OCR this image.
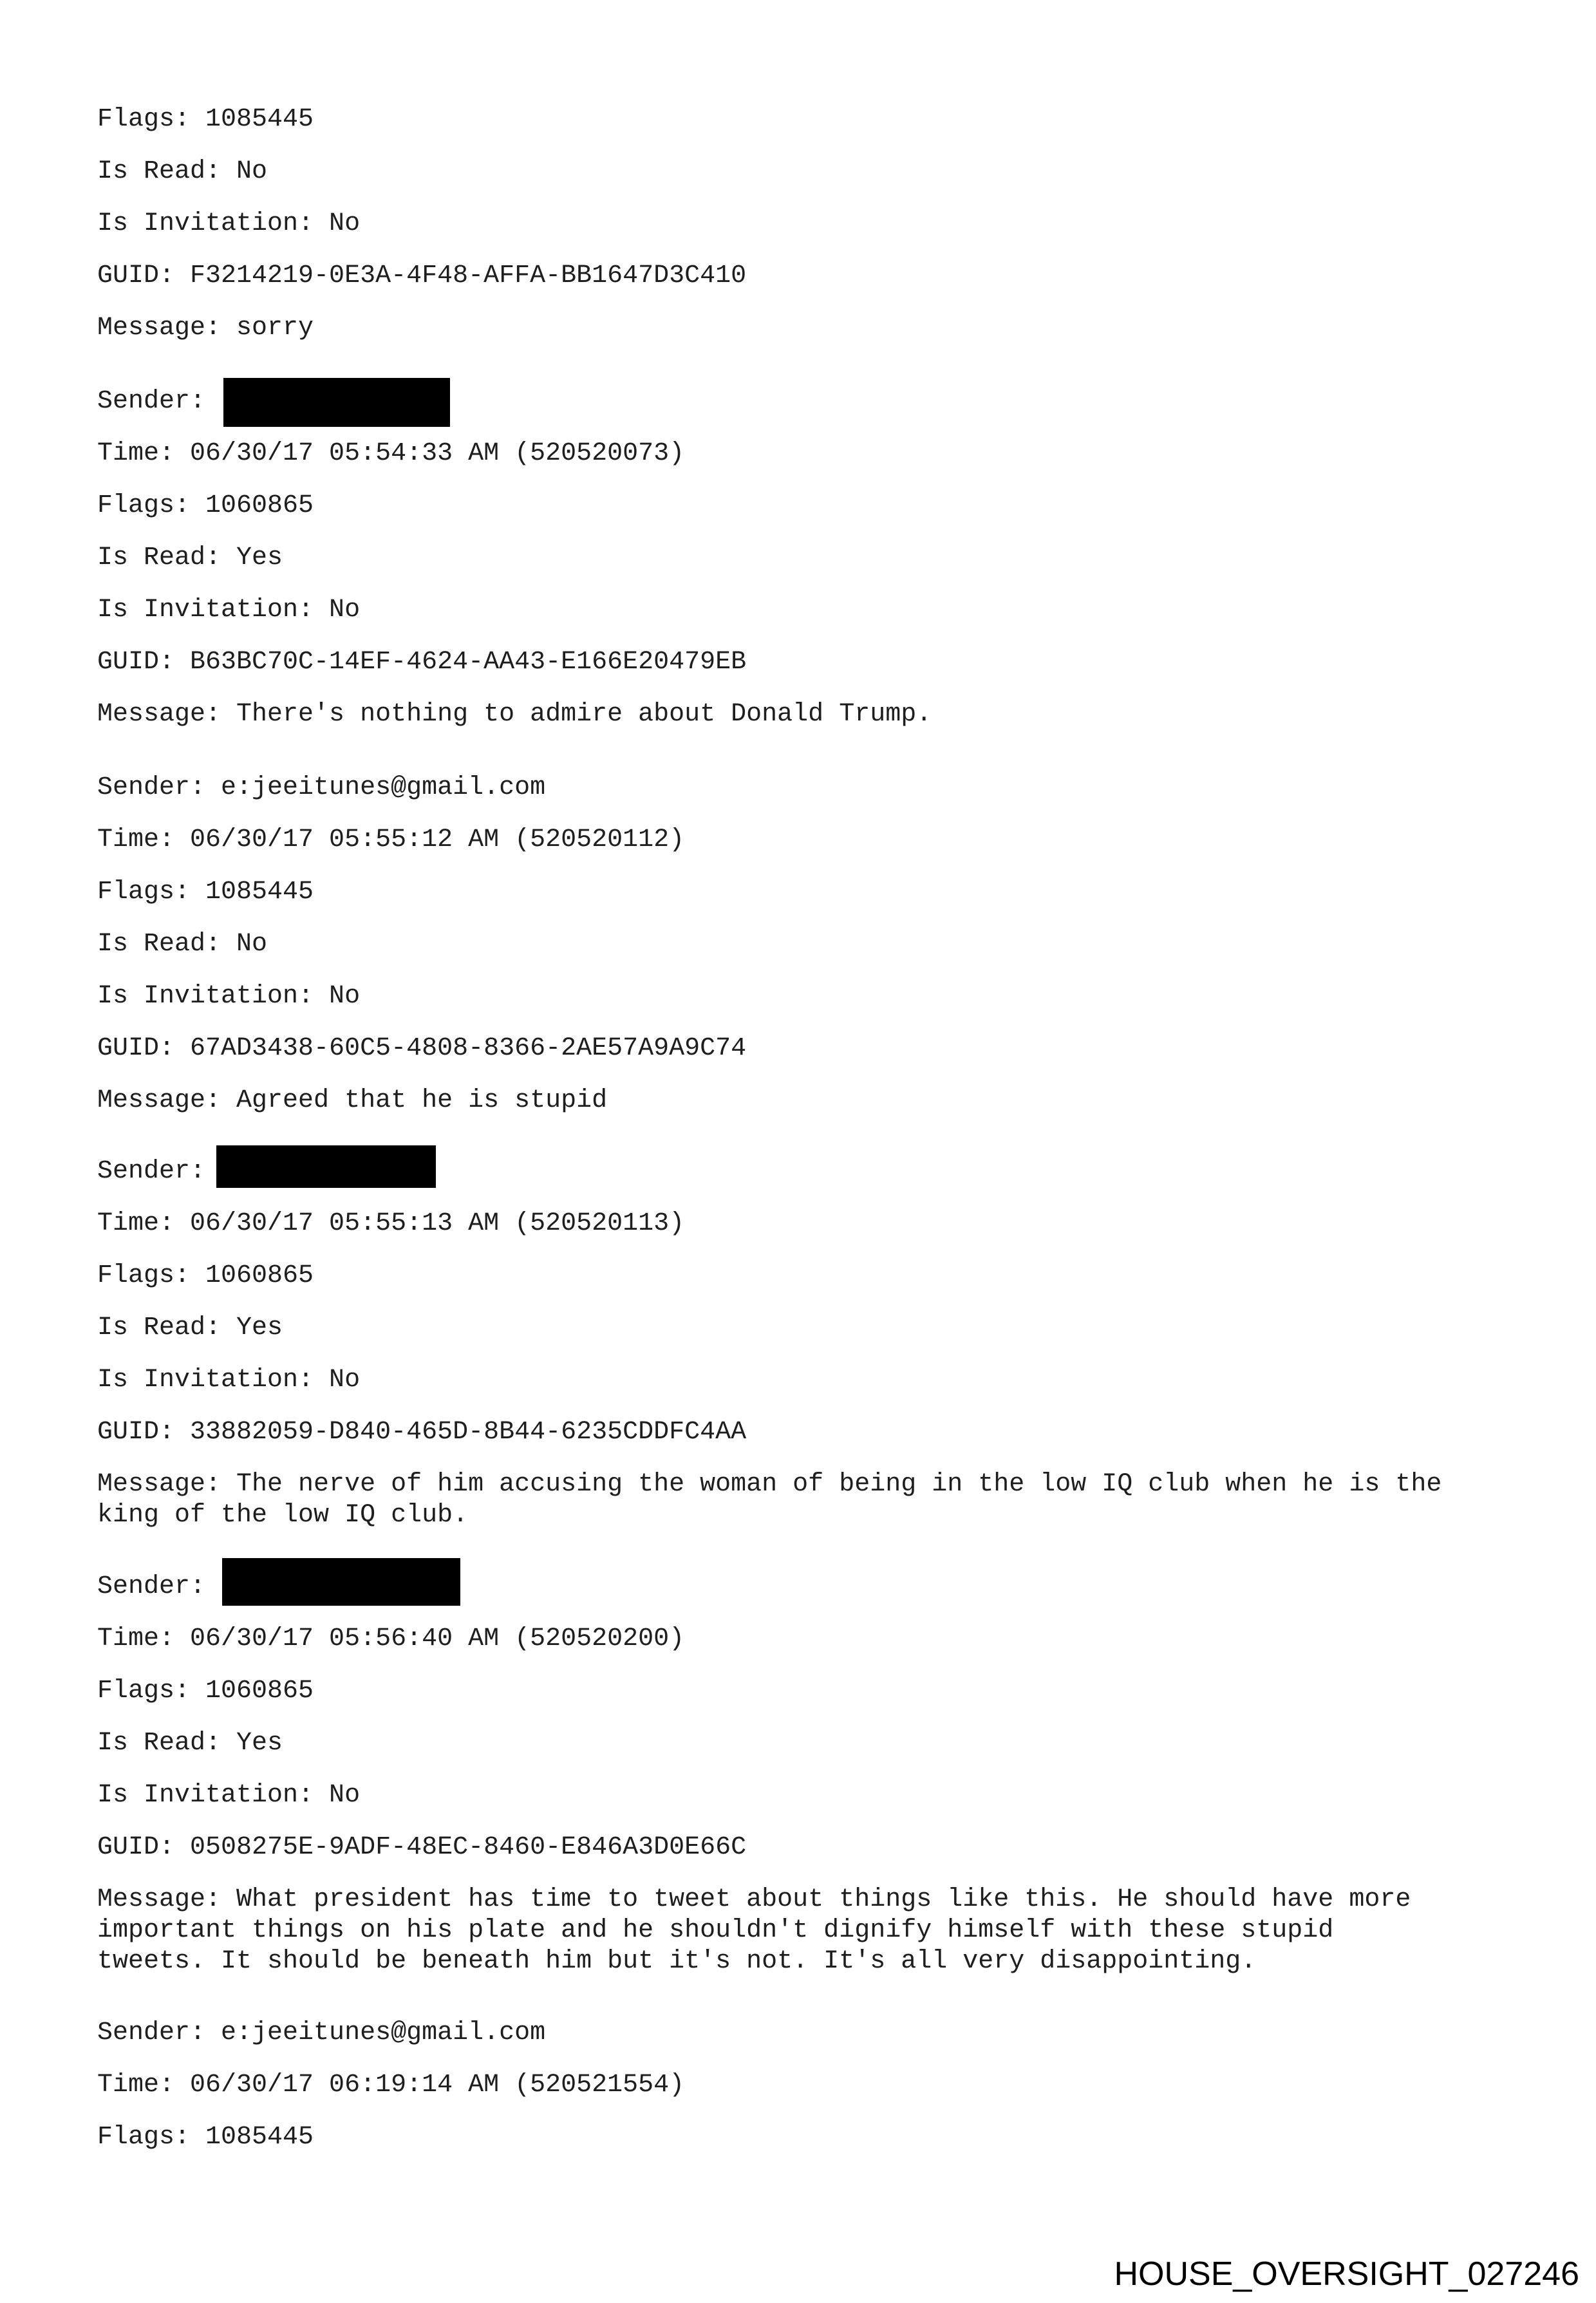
Flags: 1085445
Is Read: No
Is Invitation: No
GUID: F3214219-0E3A-4F48-AFFA-BB1647D3C410
Message: sorry
Sender:
Time: 06/30/17 05:54:33 AM (520520073)
Flags: 1060865
Is Read: Yes
Is Invitation: No
GUID: B63BC70C-14EF-4624-AA43-E166E20479EB
Message: There's nothing to admire about Donald Trump.
Sender: e:jeeitunes@gmail.com
Time: 06/30/17 05:55:12 AM (520520112)
Flags: 1085445
Is Read: No
Is Invitation: No
GUID: 67AD3438-60C5-4808-8366-2AE57A9A9C74
Message: Agreed that he is stupid
Sender:
Time: 06/30/17 05:55:13 AM (520520113)
Flags: 1060865
Is Read: Yes
Is Invitation: No
GUID: 33882059-D840-465D-8B44-6235CDDFC4AA
Message: The nerve of him accusing the woman of being in the low IQ club when he is the
king of the low IQ club.
Sender:
Time: 06/30/17 05:56:40 AM (520520200)
Flags: 1060865
Is Read: Yes
Is Invitation: No
GUID: 0508275E-9ADF-48EC-8460-E846A3D0E66C
Message: What president has time to tweet about things like this. He should have more
important things on his plate and he shouldn't dignify himself with these stupid
tweets. It should be beneath him but it's not. It's all very disappointing.
Sender: e:jeeitunes@gmail.com
Time: 06/30/17 06:19:14 AM (520521554)
Flags: 1085445
HOUSE_OVERSIGHT_027246
